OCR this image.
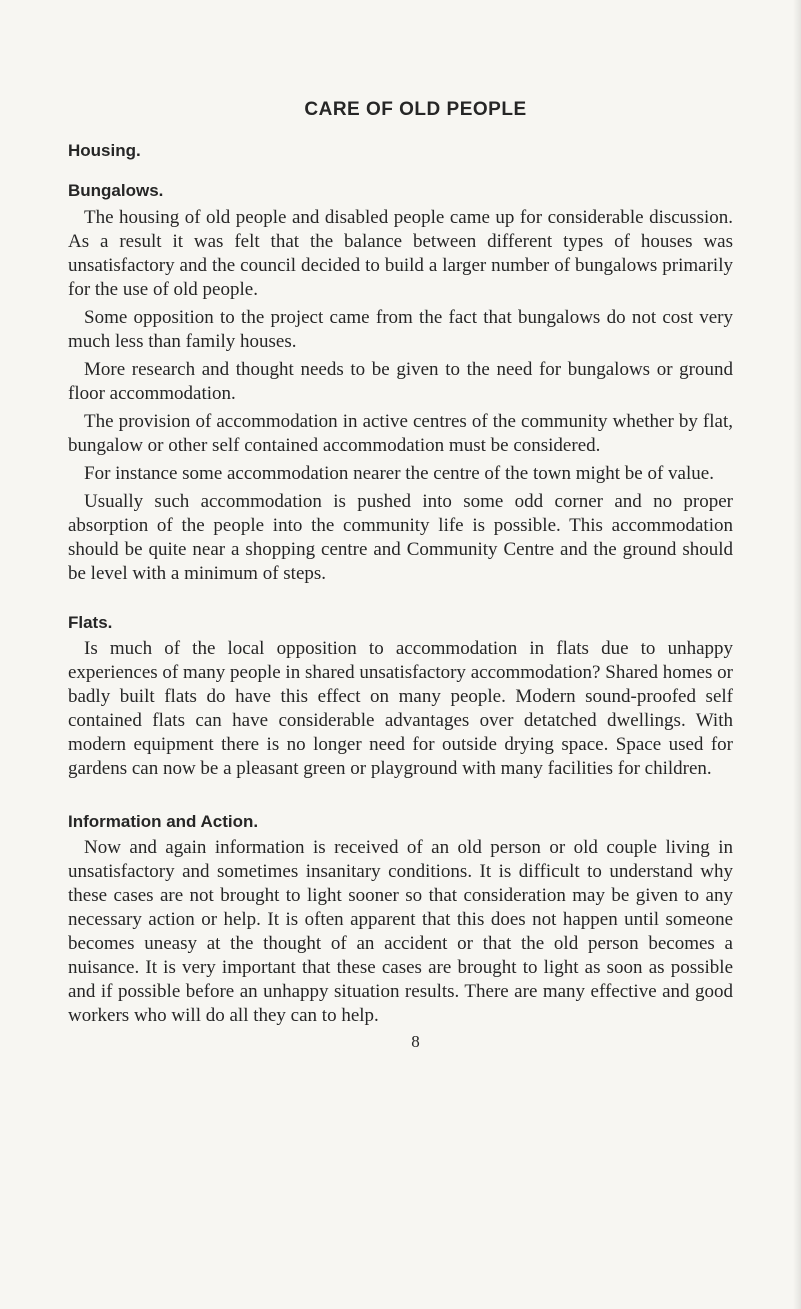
CARE OF OLD PEOPLE
Housing.
Bungalows.

The housing of old people and disabled people came up for considerable discussion. As a result it was felt that the balance between different types of houses was unsatisfactory and the council decided to build a larger number of bungalows primarily for the use of old people.

Some opposition to the project came from the fact that bungalows do not cost very much less than family houses.

More research and thought needs to be given to the need for bungalows or ground floor accommodation.

The provision of accommodation in active centres of the community whether by flat, bungalow or other self contained accommodation must be considered.

For instance some accommodation nearer the centre of the town might be of value.

Usually such accommodation is pushed into some odd corner and no proper absorption of the people into the community life is possible. This accommodation should be quite near a shopping centre and Community Centre and the ground should be level with a minimum of steps.

Flats.

Is much of the local opposition to accommodation in flats due to unhappy experiences of many people in shared unsatisfactory accommodation? Shared homes or badly built flats do have this effect on many people. Modern sound-proofed self contained flats can have considerable advantages over detatched dwellings. With modern equipment there is no longer need for outside drying space. Space used for gardens can now be a pleasant green or playground with many facilities for children.

Information and Action.

Now and again information is received of an old person or old couple living in unsatisfactory and sometimes insanitary conditions. It is difficult to understand why these cases are not brought to light sooner so that consideration may be given to any necessary action or help. It is often apparent that this does not happen until someone becomes uneasy at the thought of an accident or that the old person becomes a nuisance. It is very important that these cases are brought to light as soon as possible and if possible before an unhappy situation results. There are many effective and good workers who will do all they can to help.

8
